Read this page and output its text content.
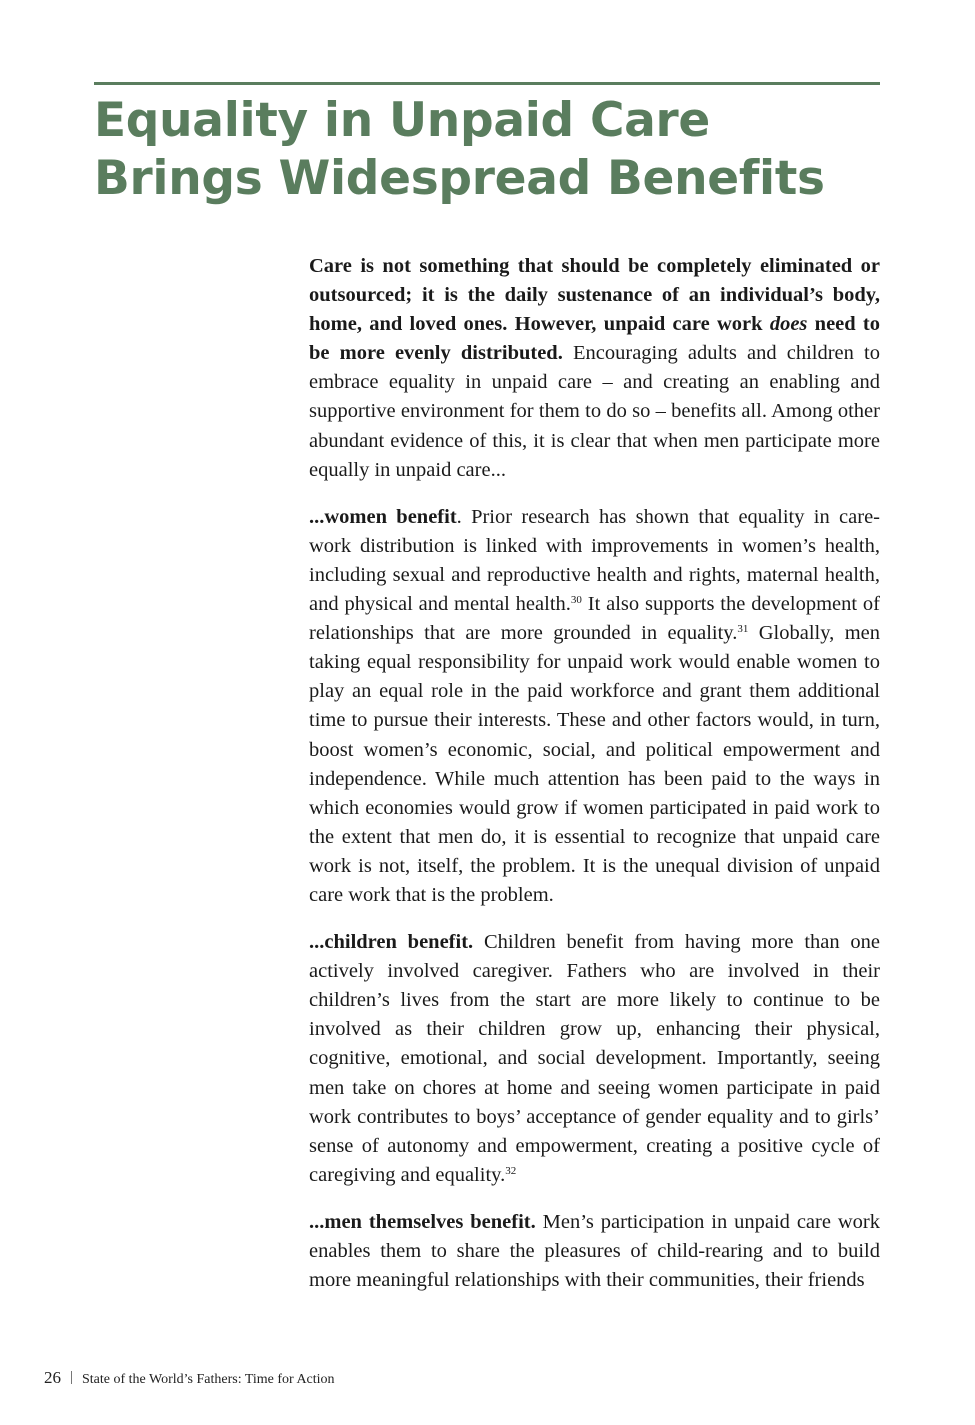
Equality in Unpaid Care Brings Widespread Benefits

Care is not something that should be completely eliminated or outsourced; it is the daily sustenance of an individual’s body, home, and loved ones. However, unpaid care work does need to be more evenly distributed. Encouraging adults and children to embrace equality in unpaid care – and creating an enabling and supportive environment for them to do so – benefits all. Among other abundant evidence of this, it is clear that when men participate more equally in unpaid care...

...women benefit. Prior research has shown that equality in care-work distribution is linked with improvements in women’s health, including sexual and reproductive health and rights, maternal health, and physical and mental health.$^{30}$ It also supports the development of relationships that are more grounded in equality.$^{31}$ Globally, men taking equal responsibility for unpaid work would enable women to play an equal role in the paid workforce and grant them additional time to pursue their interests. These and other factors would, in turn, boost women’s economic, social, and political empowerment and independence. While much attention has been paid to the ways in which economies would grow if women participated in paid work to the extent that men do, it is essential to recognize that unpaid care work is not, itself, the problem. It is the unequal division of unpaid care work that is the problem.

...children benefit. Children benefit from having more than one actively involved caregiver. Fathers who are involved in their children’s lives from the start are more likely to continue to be involved as their children grow up, enhancing their physical, cognitive, emotional, and social development. Importantly, seeing men take on chores at home and seeing women participate in paid work contributes to boys’ acceptance of gender equality and to girls’ sense of autonomy and empowerment, creating a positive cycle of caregiving and equality.$^{32}$

...men themselves benefit. Men’s participation in unpaid care work enables them to share the pleasures of child-rearing and to build more meaningful relationships with their communities, their friends

26 State of the World’s Fathers: Time for Action
